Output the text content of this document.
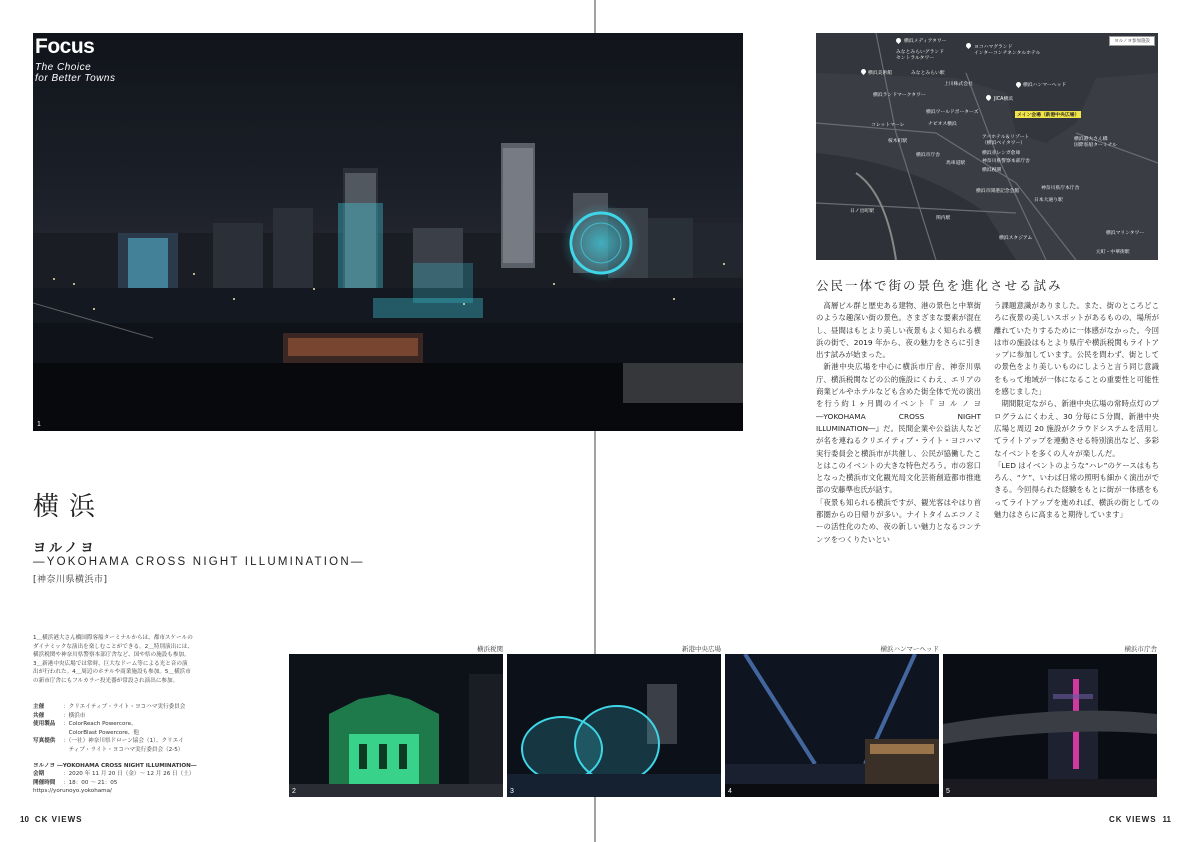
1
Focus
The Choice
for Better Towns
横浜
ヨルノヨ
―YOKOHAMA CROSS NIGHT ILLUMINATION―
[神奈川県横浜市]
1＿横浜港大さん橋国際客船ターミナルからは、都市スケールのダイナミックな演出を楽しむことができる。2＿特別演出には、横浜税関や神奈川県警察本部庁舎など、国や県の施設も参加。3＿新港中央広場では常時、巨大なドーム等による光と音の演出が行われた。4＿周辺のホテルや商業施設も参加。5＿横浜市の新市庁舎にもフルカラー投光器が常設され演出に参加。
主催	：クリエイティブ・ライト・ヨコハマ実行委員会
共催	：横浜市
使用製品	：ColorReach Powercore、
　ColorBlast Powercore、他
写真提供	：（一社）神奈川県ドローン協会（1）、クリエイ
　ティブ・ライト・ヨコハマ実行委員会（2-5）
ヨルノヨ ―YOKOHAMA CROSS NIGHT ILLUMINATION―
会期	：2020 年 11 月 20 日（金）〜 12 月 26 日（土）
開催時間	：18：00 〜 21：05
https://yorunoyo.yokohama/
横浜税関
2
新港中央広場
3
横浜ハンマーヘッド
4
横浜市庁舎
5
ヨルノヨ参加施設
横浜メディアタワー
みなとみらいグランド
セントラルタワー
ヨコハマグランド
インターコンチネンタルホテル
横浜美術館	みなとみらい駅
上川株式会社
横浜ランドマークタワー
横浜ハンマーヘッド
JICA横浜
横浜ワールドポーターズ
ナビオス横浜
コレットマーレ
桜木町駅
アパホテル＆リゾート
（横浜ベイタワー）
横浜赤レンガ倉庫
横浜市庁舎
神奈川県警察本部庁舎
横浜税関
横浜港大さん橋
国際客船ターミナル
横浜市開港記念会館
神奈川県庁本庁舎
日本大通り駅
関内駅
横浜スタジアム
横浜マリンタワー
元町・中華街駅
日ノ出町駅
馬車道駅
メイン会場（新港中央広場）
公民一体で街の景色を進化させる試み

高層ビル群と歴史ある建物、港の景色と中華街のような趣深い街の景色。さまざまな要素が混在し、昼間はもとより美しい夜景もよく知られる横浜の街で、2019 年から、夜の魅力をさらに引き出す試みが始まった。

新港中央広場を中心に横浜市庁舎、神奈川県庁、横浜税関などの公的施設にくわえ、エリアの商業ビルやホテルなども含めた街全体で光の演出を行う約１ヶ月間のイベント『 ヨ ル ノ ヨ ―YOKOHAMA CROSS NIGHT ILLUMINATION―』だ。民間企業や公益法人などが名を連ねるクリエイティブ・ライト・ヨコハマ実行委員会と横浜市が共催し、公民が協働したことはこのイベントの大きな特色だろう。市の窓口となった横浜市文化観光局文化芸術創造都市推進部の安藤準也氏が話す。

「夜景も知られる横浜ですが、観光客はやはり首都圏からの日帰りが多い。ナイトタイムエコノミーの活性化のため、夜の新しい魅力となるコンテンツをつくりたいとい

う課題意識がありました。また、街のところどころに夜景の美しいスポットがあるものの、場所が離れていたりするために一体感がなかった。今回は市の施設はもとより県庁や横浜税関もライトアップに参加しています。公民を問わず、街としての景色をより美しいものにしようと言う同じ意識をもって地域が一体になることの重要性と可能性を感じました」

期間限定ながら、新港中央広場の常時点灯のプログラムにくわえ、30 分毎に５分間、新港中央広場と周辺 20 施設がクラウドシステムを活用してライトアップを連動させる特別演出など、多彩なイベントを多くの人々が楽しんだ。

「LED はイベントのような“ハレ”のケースはもちろん、“ケ”、いわば日常の照明も細かく演出ができる。今回得られた経験をもとに街が一体感をもってライトアップを進めれば、横浜の街としての魅力はさらに高まると期待しています」

10 CK VIEWS	CK VIEWS 11
